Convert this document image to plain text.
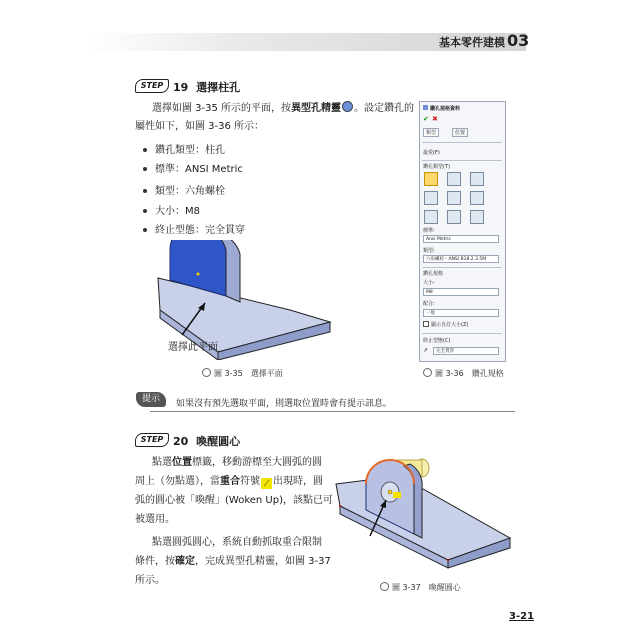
基本零件建模 03
STEP 19 選擇柱孔
選擇如圖 3-35 所示的平面，按異型孔精靈 。設定鑽孔的
屬性如下，如圖 3-36 所示：
鑽孔類型：柱孔
標準：ANSI Metric
類型：六角螺栓
大小：M8
終止型態：完全貫穿
選擇此平面
圖 3-35　選擇平面
鑽孔規格資料
✔ ✖
類型	位置
最愛(F)
鑽孔類型(T)
標準:
Ansi Metric
類型:
六角螺栓 - ANSI B18.2.3.5M
鑽孔規格
大小:
M8
配合:
一般
顯示自訂大小(Z)
終止型態(C)
↗	完全貫穿
圖 3-36　鑽孔規格
提示	如果沒有預先選取平面，則選取位置時會有提示訊息。
STEP 20 喚醒圓心
點選位置標籤，移動游標至大圓弧的圓
周上（勿點選），當重合符號 ⟋ 出現時，圓
弧的圓心被「喚醒」(Woken Up)，該點已可
被選用。
點選圓弧圓心，系統自動抓取重合限制
條件，按確定，完成異型孔精靈，如圖 3-37
所示。
圖 3-37　喚醒圓心
3-21
